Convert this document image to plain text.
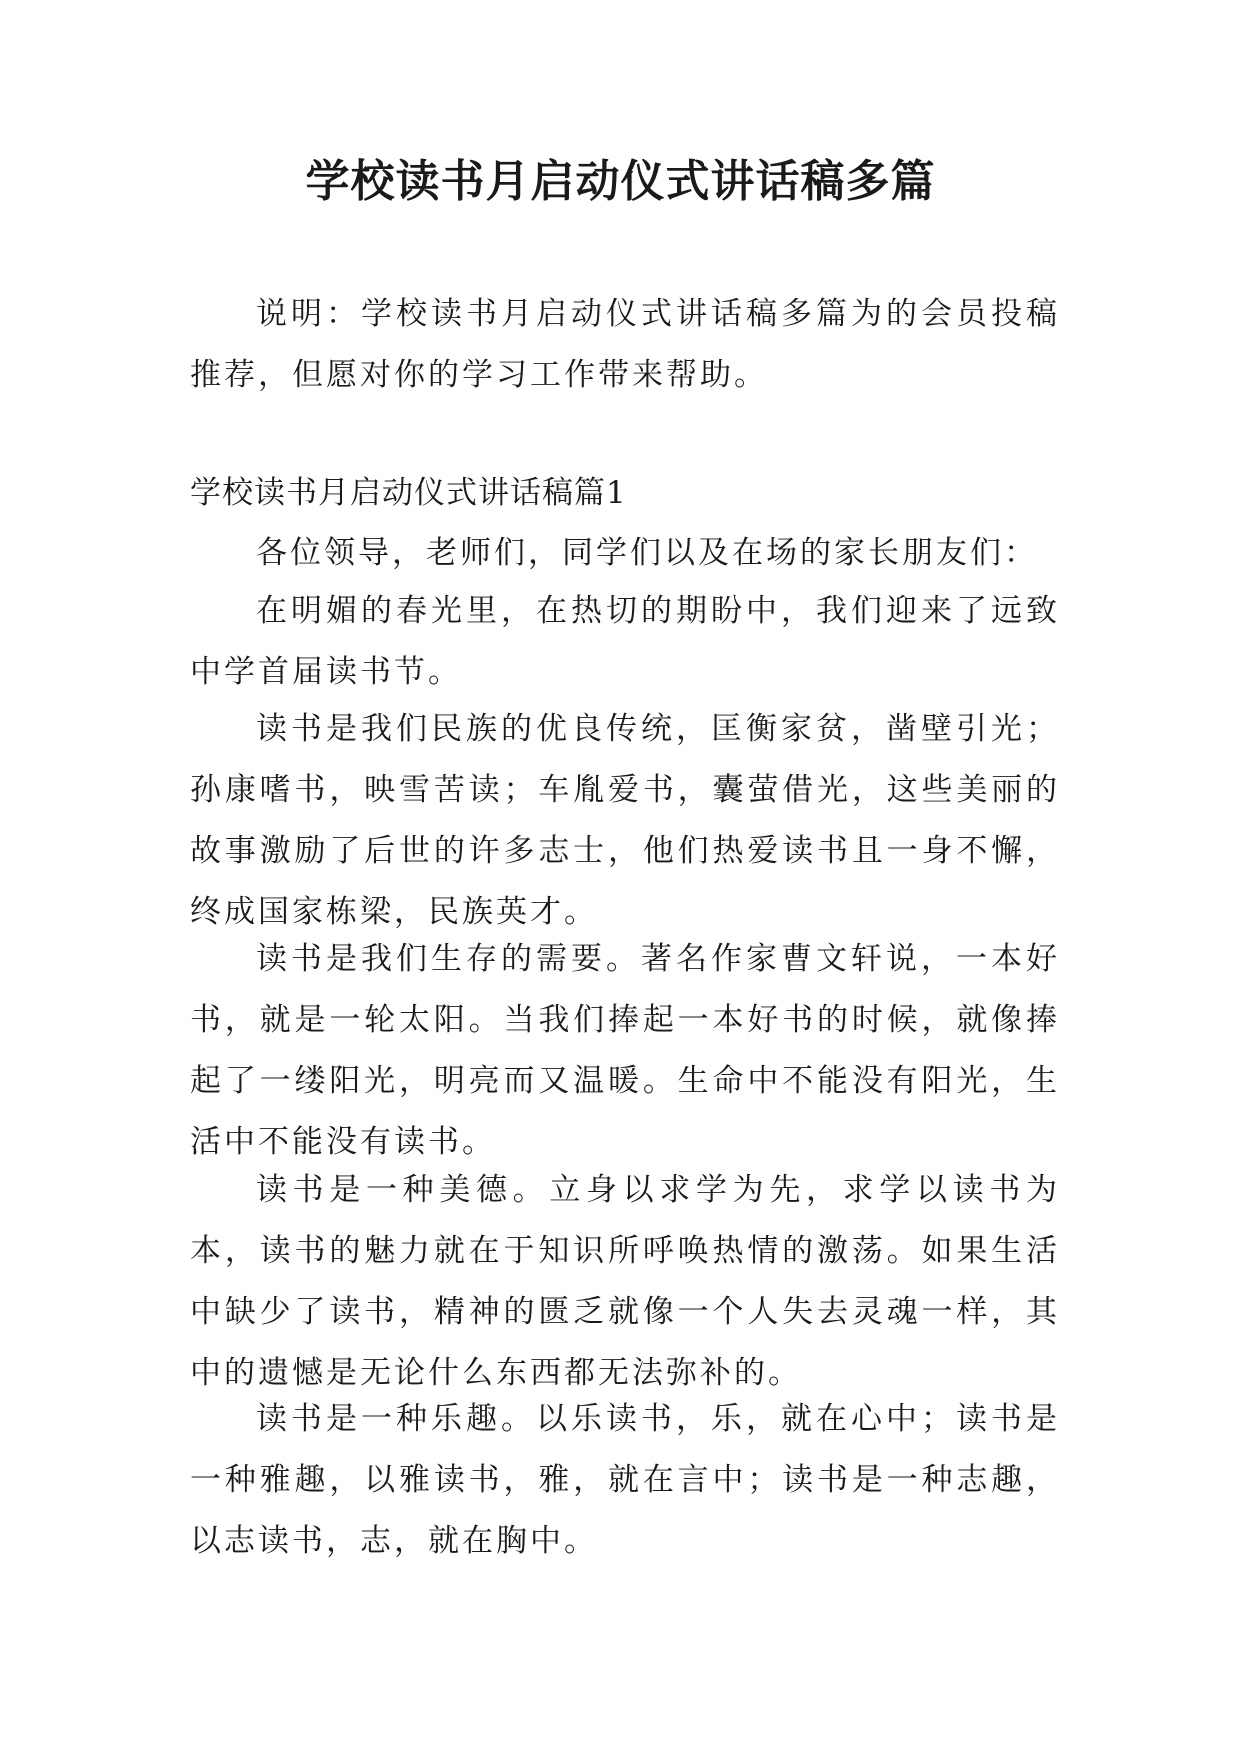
学校读书月启动仪式讲话稿多篇

说明：学校读书月启动仪式讲话稿多篇为的会员投稿推荐，但愿对你的学习工作带来帮助。

学校读书月启动仪式讲话稿篇1

各位领导，老师们，同学们以及在场的家长朋友们：

在明媚的春光里，在热切的期盼中，我们迎来了远致中学首届读书节。

读书是我们民族的优良传统，匡衡家贫，凿壁引光；孙康嗜书，映雪苦读；车胤爱书，囊萤借光，这些美丽的故事激励了后世的许多志士，他们热爱读书且一身不懈，终成国家栋梁，民族英才。

读书是我们生存的需要。著名作家曹文轩说，一本好书，就是一轮太阳。当我们捧起一本好书的时候，就像捧起了一缕阳光，明亮而又温暖。生命中不能没有阳光，生活中不能没有读书。

读书是一种美德。立身以求学为先，求学以读书为本，读书的魅力就在于知识所呼唤热情的激荡。如果生活中缺少了读书，精神的匮乏就像一个人失去灵魂一样，其中的遗憾是无论什么东西都无法弥补的。

读书是一种乐趣。以乐读书，乐，就在心中；读书是一种雅趣，以雅读书，雅，就在言中；读书是一种志趣，以志读书，志，就在胸中。
